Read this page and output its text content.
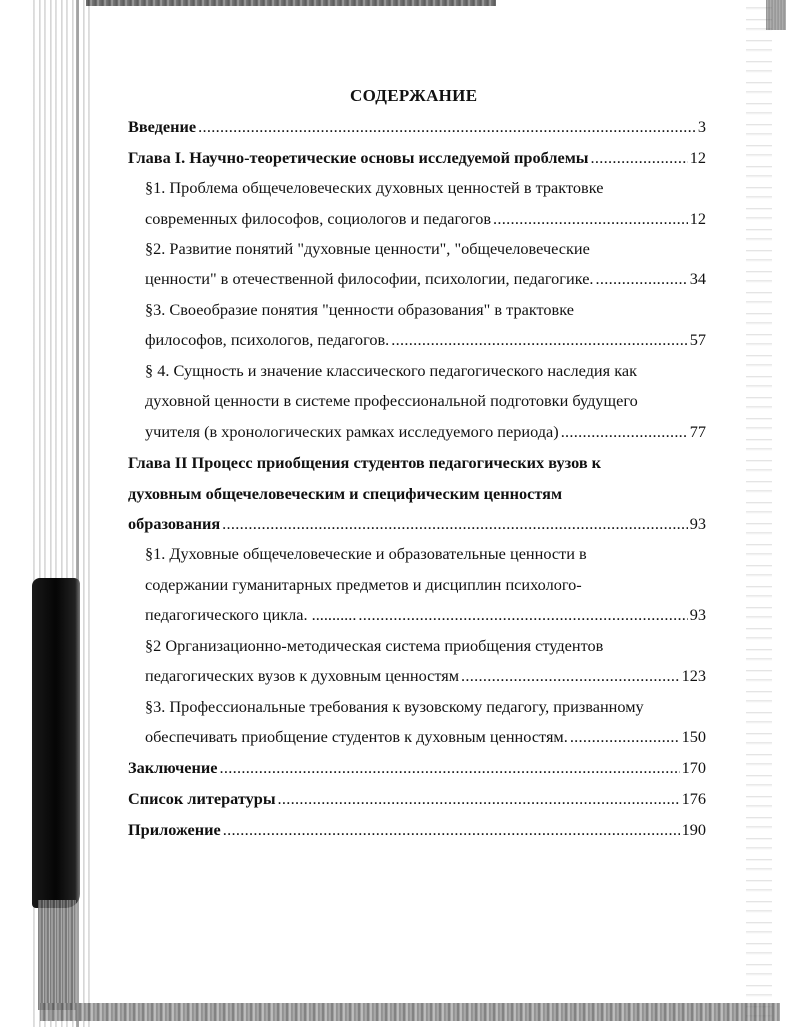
СОДЕРЖАНИЕ
Введение .....	3
Глава I. Научно-теоретические основы исследуемой проблемы .....	12
§1. Проблема общечеловеческих духовных ценностей в трактовке
современных философов, социологов и педагогов .....	12
§2. Развитие понятий "духовные ценности", "общечеловеческие
ценности" в отечественной философии, психологии, педагогике. .....	34
§3. Своеобразие понятия "ценности образования" в трактовке
философов, психологов, педагогов. .....	57
§ 4. Сущность и значение классического педагогического наследия как
духовной ценности в системе профессиональной подготовки будущего
учителя (в хронологических рамках исследуемого периода) .....	77
Глава II Процесс приобщения студентов педагогических вузов к
духовным общечеловеческим и специфическим ценностям
образования .....	93
§1. Духовные общечеловеческие и образовательные ценности в
содержании гуманитарных предметов и дисциплин психолого-
педагогического цикла. ........... .....	93
§2 Организационно-методическая система приобщения студентов
педагогических вузов к духовным ценностям .....	123
§3. Профессиональные требования к вузовскому педагогу, призванному
обеспечивать приобщение студентов к духовным ценностям. .....	150
Заключение .....	170
Список литературы .....	176
Приложение .....	190
